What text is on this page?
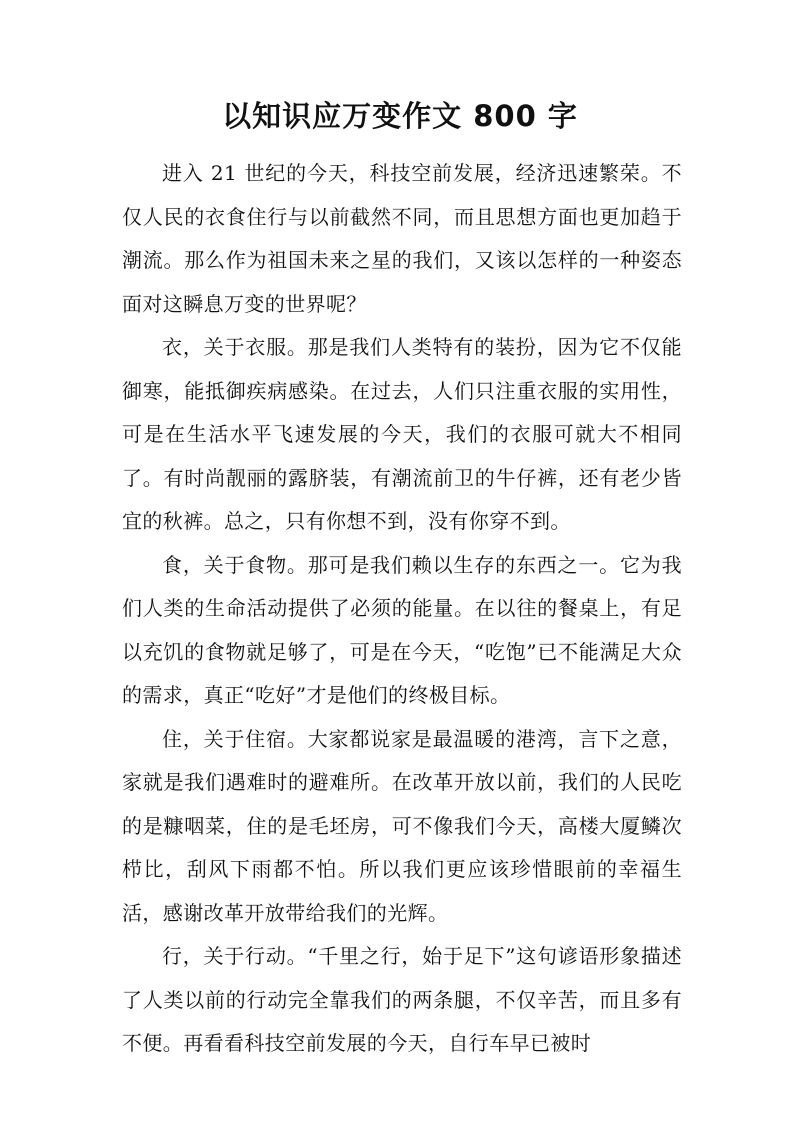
以知识应万变作文 800 字

进入 21 世纪的今天，科技空前发展，经济迅速繁荣。不仅人民的衣食住行与以前截然不同，而且思想方面也更加趋于潮流。那么作为祖国未来之星的我们，又该以怎样的一种姿态面对这瞬息万变的世界呢？

衣，关于衣服。那是我们人类特有的装扮，因为它不仅能御寒，能抵御疾病感染。在过去，人们只注重衣服的实用性，可是在生活水平飞速发展的今天，我们的衣服可就大不相同了。有时尚靓丽的露脐装，有潮流前卫的牛仔裤，还有老少皆宜的秋裤。总之，只有你想不到，没有你穿不到。

食，关于食物。那可是我们赖以生存的东西之一。它为我们人类的生命活动提供了必须的能量。在以往的餐桌上，有足以充饥的食物就足够了，可是在今天，“吃饱”已不能满足大众的需求，真正“吃好”才是他们的终极目标。

住，关于住宿。大家都说家是最温暖的港湾，言下之意，家就是我们遇难时的避难所。在改革开放以前，我们的人民吃的是糠咽菜，住的是毛坯房，可不像我们今天，高楼大厦鳞次栉比，刮风下雨都不怕。所以我们更应该珍惜眼前的幸福生活，感谢改革开放带给我们的光辉。

行，关于行动。“千里之行，始于足下”这句谚语形象描述了人类以前的行动完全靠我们的两条腿，不仅辛苦，而且多有不便。再看看科技空前发展的今天，自行车早已被时
